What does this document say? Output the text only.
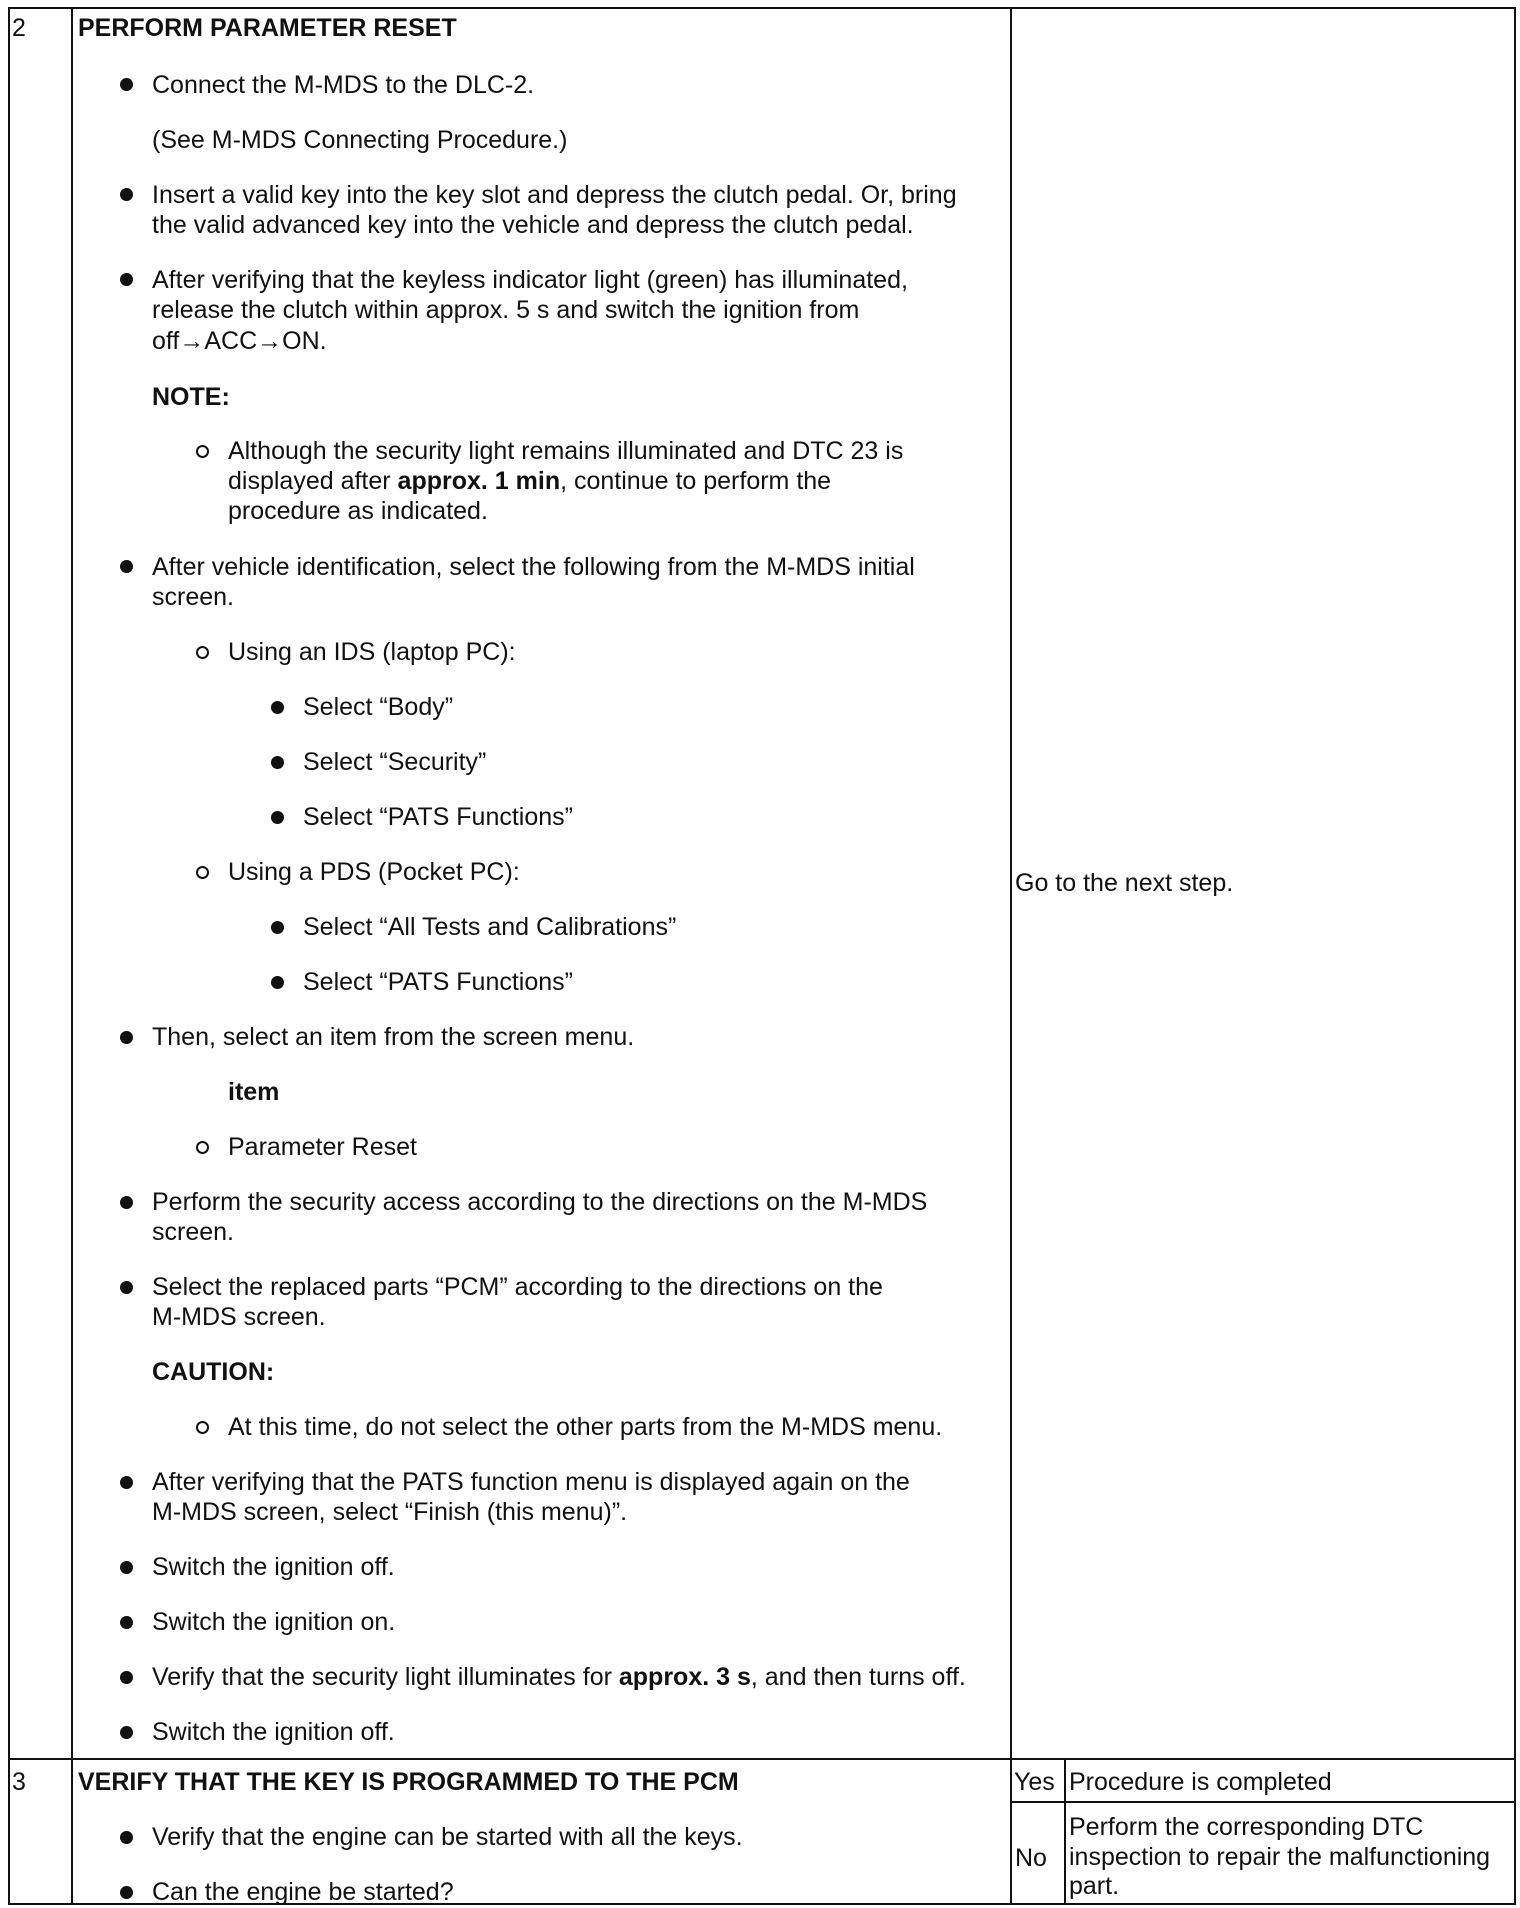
2 PERFORM PARAMETER RESET
Connect the M-MDS to the DLC-2.
(See M-MDS Connecting Procedure.)
Insert a valid key into the key slot and depress the clutch pedal. Or, bring
the valid advanced key into the vehicle and depress the clutch pedal.
After verifying that the keyless indicator light (green) has illuminated,
release the clutch within approx. 5 s and switch the ignition from
off→ACC→ON.
NOTE:
Although the security light remains illuminated and DTC 23 is
displayed after approx. 1 min, continue to perform the
procedure as indicated.
After vehicle identification, select the following from the M-MDS initial
screen.
Using an IDS (laptop PC):
Select “Body”
Select “Security”
Select “PATS Functions”
Using a PDS (Pocket PC):
Select “All Tests and Calibrations”
Select “PATS Functions”
Then, select an item from the screen menu.
item
Parameter Reset
Perform the security access according to the directions on the M-MDS
screen.
Select the replaced parts “PCM” according to the directions on the
M-MDS screen.
CAUTION:
At this time, do not select the other parts from the M-MDS menu.
After verifying that the PATS function menu is displayed again on the
M-MDS screen, select “Finish (this menu)”.
Switch the ignition off.
Switch the ignition on.
Verify that the security light illuminates for approx. 3 s, and then turns off.
Switch the ignition off.
Go to the next step.
3 VERIFY THAT THE KEY IS PROGRAMMED TO THE PCM
Verify that the engine can be started with all the keys.
Can the engine be started?
Yes Procedure is completed
No
Perform the corresponding DTC
inspection to repair the malfunctioning
part.
